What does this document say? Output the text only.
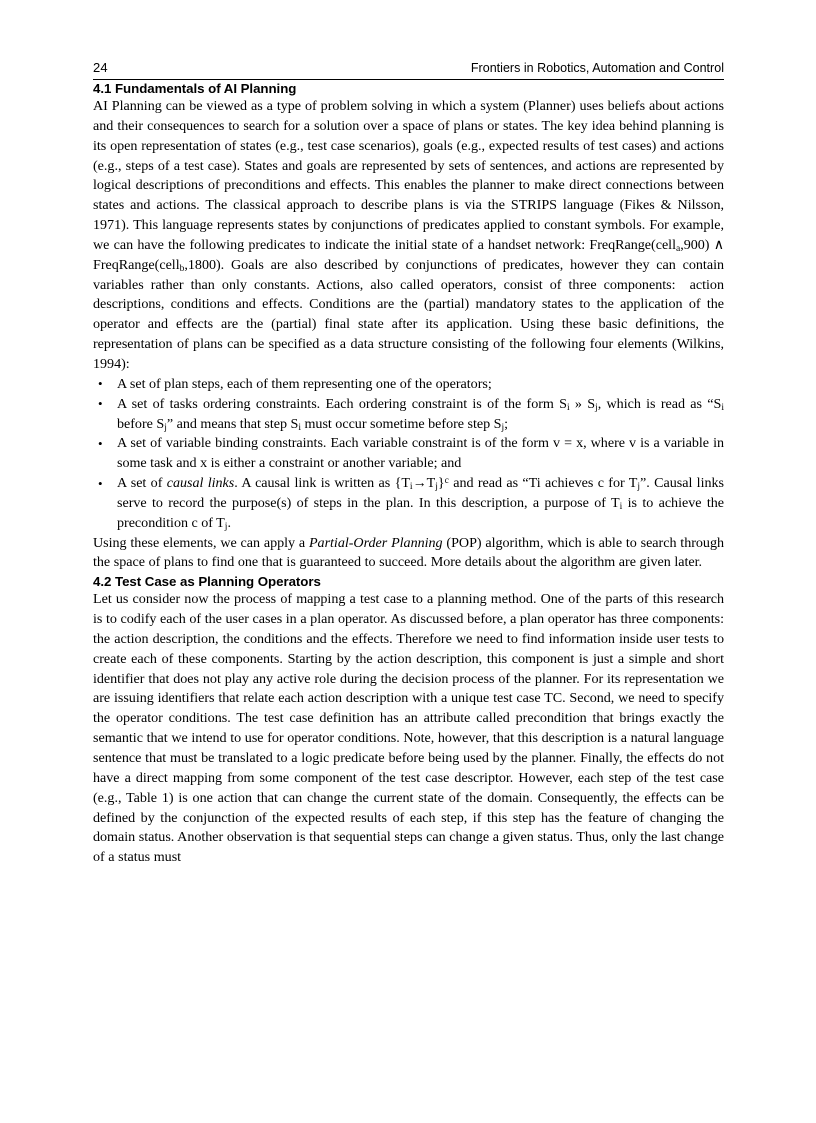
24	Frontiers in Robotics, Automation and Control
4.1 Fundamentals of AI Planning

AI Planning can be viewed as a type of problem solving in which a system (Planner) uses beliefs about actions and their consequences to search for a solution over a space of plans or states. The key idea behind planning is its open representation of states (e.g., test case scenarios), goals (e.g., expected results of test cases) and actions (e.g., steps of a test case). States and goals are represented by sets of sentences, and actions are represented by logical descriptions of preconditions and effects. This enables the planner to make direct connections between states and actions. The classical approach to describe plans is via the STRIPS language (Fikes & Nilsson, 1971). This language represents states by conjunctions of predicates applied to constant symbols. For example, we can have the following predicates to indicate the initial state of a handset network: FreqRange(cell$_a$,900) ∧ FreqRange(cell$_b$,1800). Goals are also described by conjunctions of predicates, however they can contain variables rather than only constants. Actions, also called operators, consist of three components:  action descriptions, conditions and effects. Conditions are the (partial) mandatory states to the application of the operator and effects are the (partial) final state after its application. Using these basic definitions, the representation of plans can be specified as a data structure consisting of the following four elements (Wilkins, 1994):

• A set of plan steps, each of them representing one of the operators;
• A set of tasks ordering constraints. Each ordering constraint is of the form $S_i$ » $S_j$, which is read as “$S_i$ before $S_j$” and means that step $S_i$ must occur sometime before step $S_j$;
• A set of variable binding constraints. Each variable constraint is of the form v = x, where v is a variable in some task and x is either a constraint or another variable; and
• A set of causal links. A causal link is written as $\{T_i\to T_j\}^c$ and read as “Ti achieves c for $T_j$”. Causal links serve to record the purpose(s) of steps in the plan. In this description, a purpose of $T_i$ is to achieve the precondition c of $T_j$.

Using these elements, we can apply a Partial-Order Planning (POP) algorithm, which is able to search through the space of plans to find one that is guaranteed to succeed. More details about the algorithm are given later.

4.2 Test Case as Planning Operators

Let us consider now the process of mapping a test case to a planning method. One of the parts of this research is to codify each of the user cases in a plan operator. As discussed before, a plan operator has three components: the action description, the conditions and the effects. Therefore we need to find information inside user tests to create each of these components. Starting by the action description, this component is just a simple and short identifier that does not play any active role during the decision process of the planner. For its representation we are issuing identifiers that relate each action description with a unique test case TC. Second, we need to specify the operator conditions. The test case definition has an attribute called precondition that brings exactly the semantic that we intend to use for operator conditions. Note, however, that this description is a natural language sentence that must be translated to a logic predicate before being used by the planner. Finally, the effects do not have a direct mapping from some component of the test case descriptor. However, each step of the test case (e.g., Table 1) is one action that can change the current state of the domain. Consequently, the effects can be defined by the conjunction of the expected results of each step, if this step has the feature of changing the domain status. Another observation is that sequential steps can change a given status. Thus, only the last change of a status must
